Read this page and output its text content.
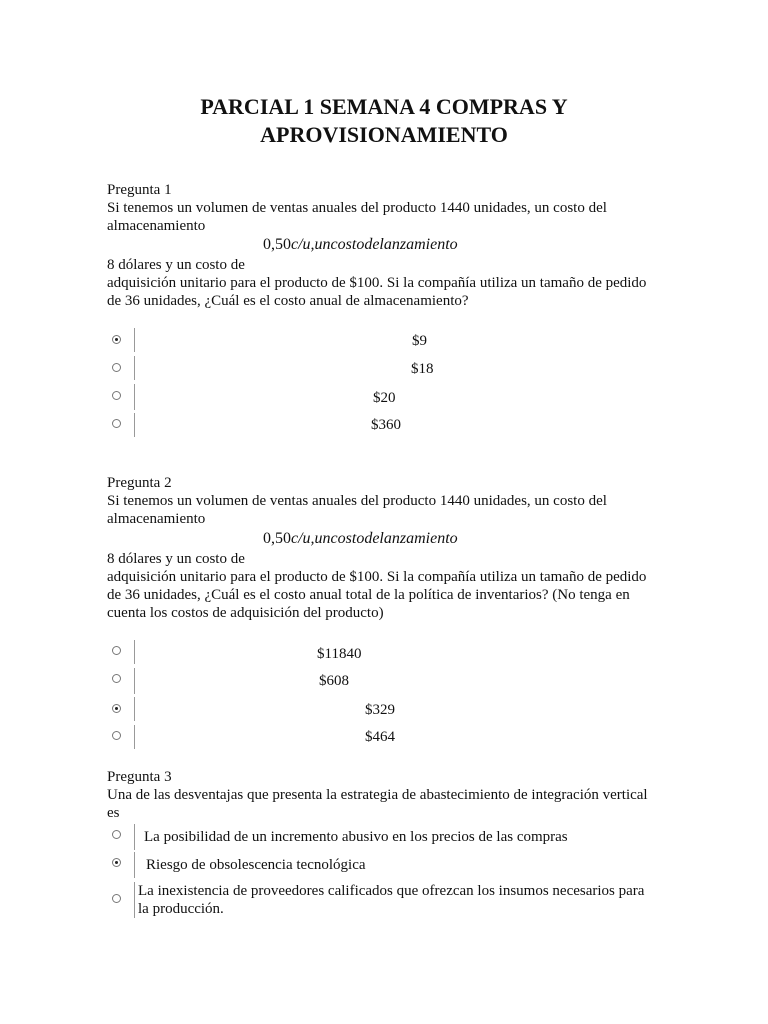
PARCIAL 1 SEMANA 4 COMPRAS Y
APROVISIONAMIENTO
Pregunta 1
Si tenemos un volumen de ventas anuales del producto 1440 unidades, un costo del
almacenamiento
0,50c/u,uncostodelanzamiento
8 dólares y un costo de
adquisición unitario para el producto de $100. Si la compañía utiliza un tamaño de pedido
de 36 unidades, ¿Cuál es el costo anual de almacenamiento?
$9
$18
$20
$360
Pregunta 2
Si tenemos un volumen de ventas anuales del producto 1440 unidades, un costo del
almacenamiento
0,50c/u,uncostodelanzamiento
8 dólares y un costo de
adquisición unitario para el producto de $100. Si la compañía utiliza un tamaño de pedido
de 36 unidades, ¿Cuál es el costo anual total de la política de inventarios? (No tenga en
cuenta los costos de adquisición del producto)
$11840
$608
$329
$464
Pregunta 3
Una de las desventajas que presenta la estrategia de abastecimiento de integración vertical
es
La posibilidad de un incremento abusivo en los precios de las compras
Riesgo de obsolescencia tecnológica
La inexistencia de proveedores calificados que ofrezcan los insumos necesarios para
la producción.
